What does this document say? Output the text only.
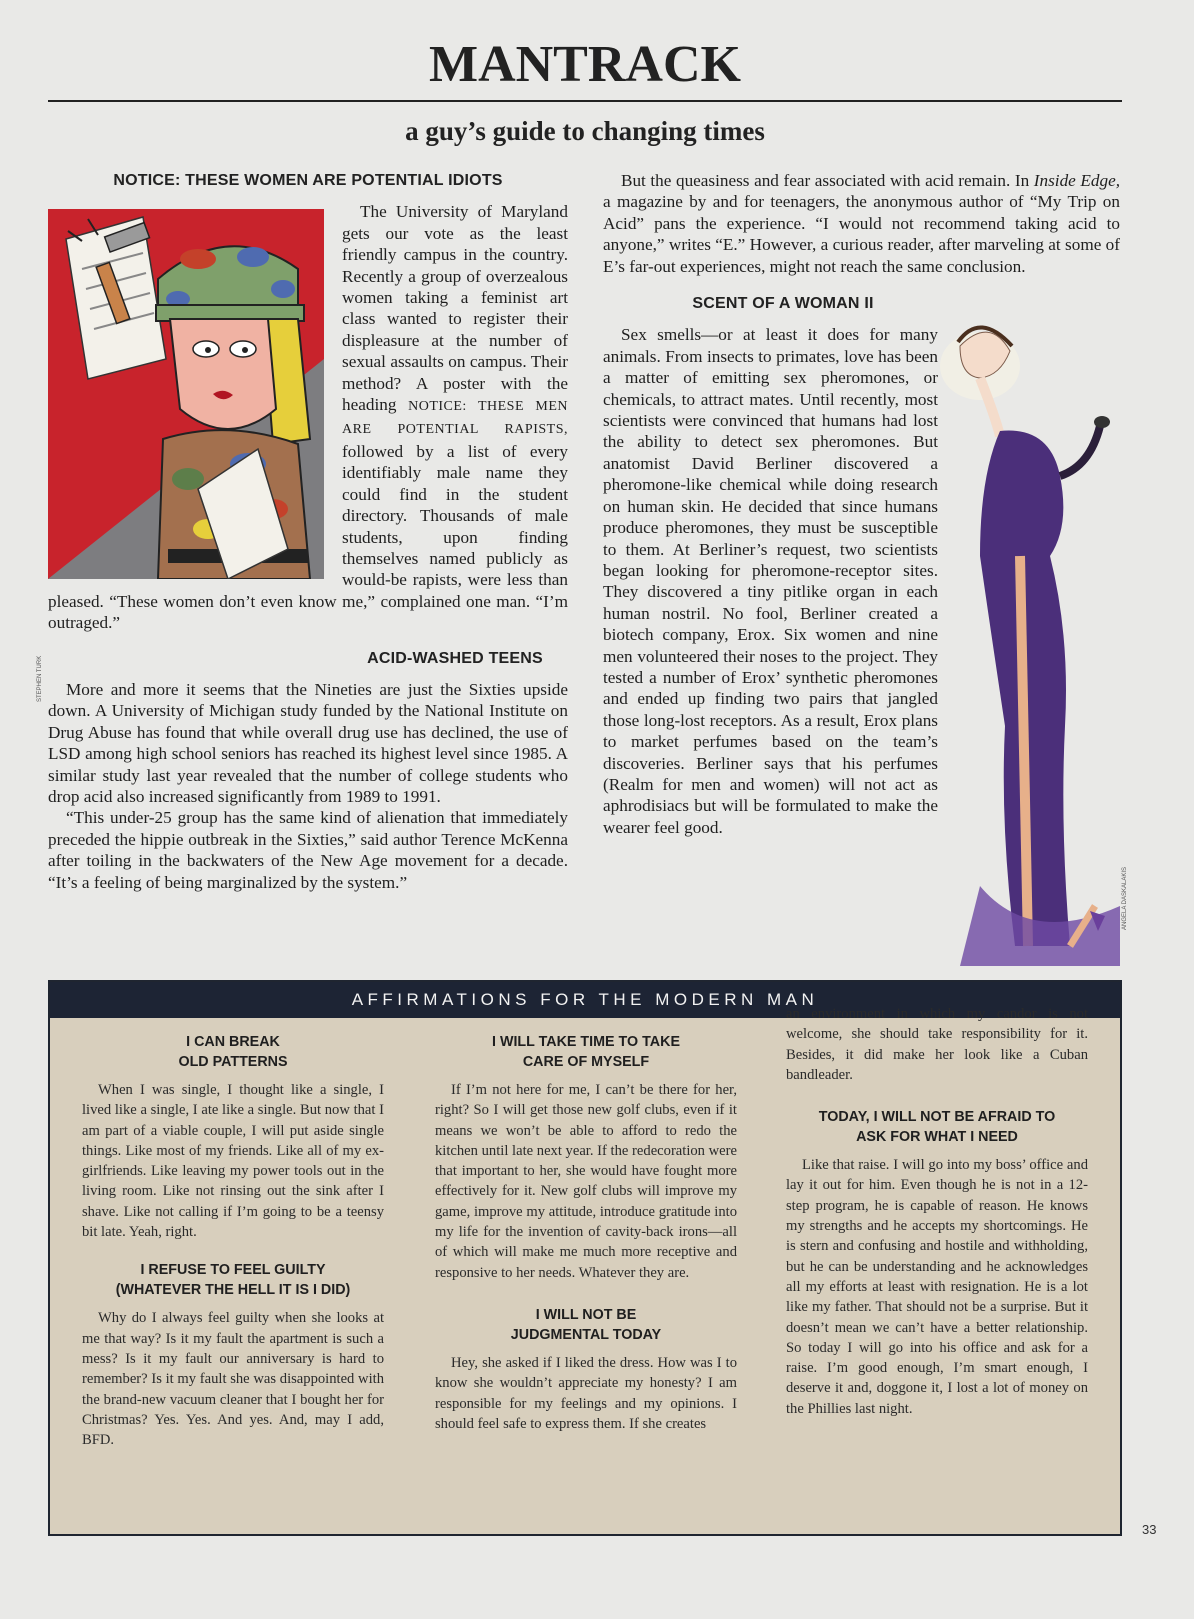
MANTRACK
a guy’s guide to changing times
NOTICE: THESE WOMEN ARE POTENTIAL IDIOTS

The University of Maryland gets our vote as the least friendly campus in the country. Recently a group of overzealous women taking a feminist art class wanted to register their displeasure at the number of sexual assaults on campus. Their method? A poster with the heading NOTICE: THESE MEN ARE POTENTIAL RAPISTS, followed by a list of every identifiably male name they could find in the student directory. Thousands of male students, upon finding themselves named publicly as would-be rapists, were less than pleased. “These women don’t even know me,” complained one man. “I’m outraged.”

ACID-WASHED TEENS

More and more it seems that the Nineties are just the Sixties upside down. A University of Michigan study funded by the National Institute on Drug Abuse has found that while overall drug use has declined, the use of LSD among high school seniors has reached its highest level since 1985. A similar study last year revealed that the number of college students who drop acid also increased significantly from 1989 to 1991.

“This under-25 group has the same kind of alienation that immediately preceded the hippie outbreak in the Sixties,” said author Terence McKenna after toiling in the backwaters of the New Age movement for a decade. “It’s a feeling of being marginalized by the system.”

STEPHEN TURK

But the queasiness and fear associated with acid remain. In Inside Edge, a magazine by and for teenagers, the anonymous author of “My Trip on Acid” pans the experience. “I would not recommend taking acid to anyone,” writes “E.” However, a curious reader, after marveling at some of E’s far-out experiences, might not reach the same conclusion.

SCENT OF A WOMAN II

Sex smells—or at least it does for many animals. From insects to primates, love has been a matter of emitting sex pheromones, or chemicals, to attract mates. Until recently, most scientists were convinced that humans had lost the ability to detect sex pheromones. But anatomist David Berliner discovered a pheromone-like chemical while doing research on human skin. He decided that since humans produce pheromones, they must be susceptible to them. At Berliner’s request, two scientists began looking for pheromone-receptor sites. They discovered a tiny pitlike organ in each human nostril. No fool, Berliner created a biotech company, Erox. Six women and nine men volunteered their noses to the project. They tested a number of Erox’ synthetic pheromones and ended up finding two pairs that jangled those long-lost receptors. As a result, Erox plans to market perfumes based on the team’s discoveries. Berliner says that his perfumes (Realm for men and women) will not act as aphrodisiacs but will be formulated to make the wearer feel good.

ANGELA DASKALAKIS
AFFIRMATIONS FOR THE MODERN MAN
I CAN BREAK
OLD PATTERNS

When I was single, I thought like a single, I lived like a single, I ate like a single. But now that I am part of a viable couple, I will put aside single things. Like most of my friends. Like all of my ex-girlfriends. Like leaving my power tools out in the living room. Like not rinsing out the sink after I shave. Like not calling if I’m going to be a teensy bit late. Yeah, right.

I REFUSE TO FEEL GUILTY
(WHATEVER THE HELL IT IS I DID)

Why do I always feel guilty when she looks at me that way? Is it my fault the apartment is such a mess? Is it my fault our anniversary is hard to remember? Is it my fault she was disappointed with the brand-new vacuum cleaner that I bought her for Christmas? Yes. Yes. And yes. And, may I add, BFD.

I WILL TAKE TIME TO TAKE
CARE OF MYSELF

If I’m not here for me, I can’t be there for her, right? So I will get those new golf clubs, even if it means we won’t be able to afford to redo the kitchen until late next year. If the redecoration were that important to her, she would have fought more effectively for it. New golf clubs will improve my game, improve my attitude, introduce gratitude into my life for the invention of cavity-back irons—all of which will make me much more receptive and responsive to her needs. Whatever they are.

I WILL NOT BE
JUDGMENTAL TODAY

Hey, she asked if I liked the dress. How was I to know she wouldn’t appreciate my honesty? I am responsible for my feelings and my opinions. I should feel safe to express them. If she creates

an environment in which my candor is not welcome, she should take responsibility for it. Besides, it did make her look like a Cuban bandleader.

TODAY, I WILL NOT BE AFRAID TO
ASK FOR WHAT I NEED

Like that raise. I will go into my boss’ office and lay it out for him. Even though he is not in a 12-step program, he is capable of reason. He knows my strengths and he accepts my shortcomings. He is stern and confusing and hostile and withholding, but he can be understanding and he acknowledges all my efforts at least with resignation. He is a lot like my father. That should not be a surprise. But it doesn’t mean we can’t have a better relationship. So today I will go into his office and ask for a raise. I’m good enough, I’m smart enough, I deserve it and, doggone it, I lost a lot of money on the Phillies last night.

33
